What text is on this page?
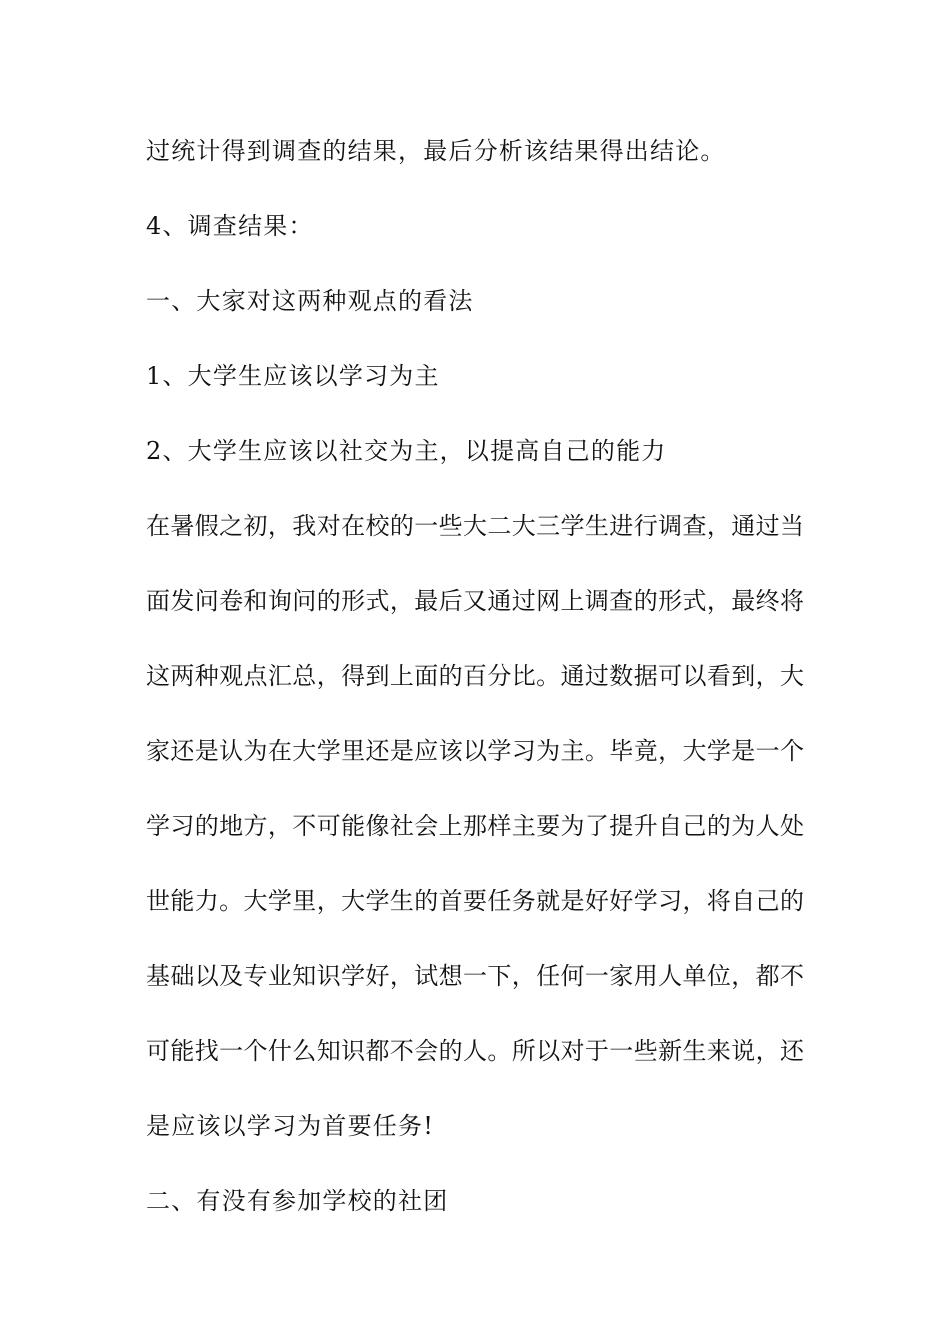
过统计得到调查的结果，最后分析该结果得出结论。
4、调查结果：
一、大家对这两种观点的看法
1、大学生应该以学习为主
2、大学生应该以社交为主，以提高自己的能力
在暑假之初，我对在校的一些大二大三学生进行调查，通过当
面发问卷和询问的形式，最后又通过网上调查的形式，最终将
这两种观点汇总，得到上面的百分比。通过数据可以看到，大
家还是认为在大学里还是应该以学习为主。毕竟，大学是一个
学习的地方，不可能像社会上那样主要为了提升自己的为人处
世能力。大学里，大学生的首要任务就是好好学习，将自己的
基础以及专业知识学好，试想一下，任何一家用人单位，都不
可能找一个什么知识都不会的人。所以对于一些新生来说，还
是应该以学习为首要任务!
二、有没有参加学校的社团
